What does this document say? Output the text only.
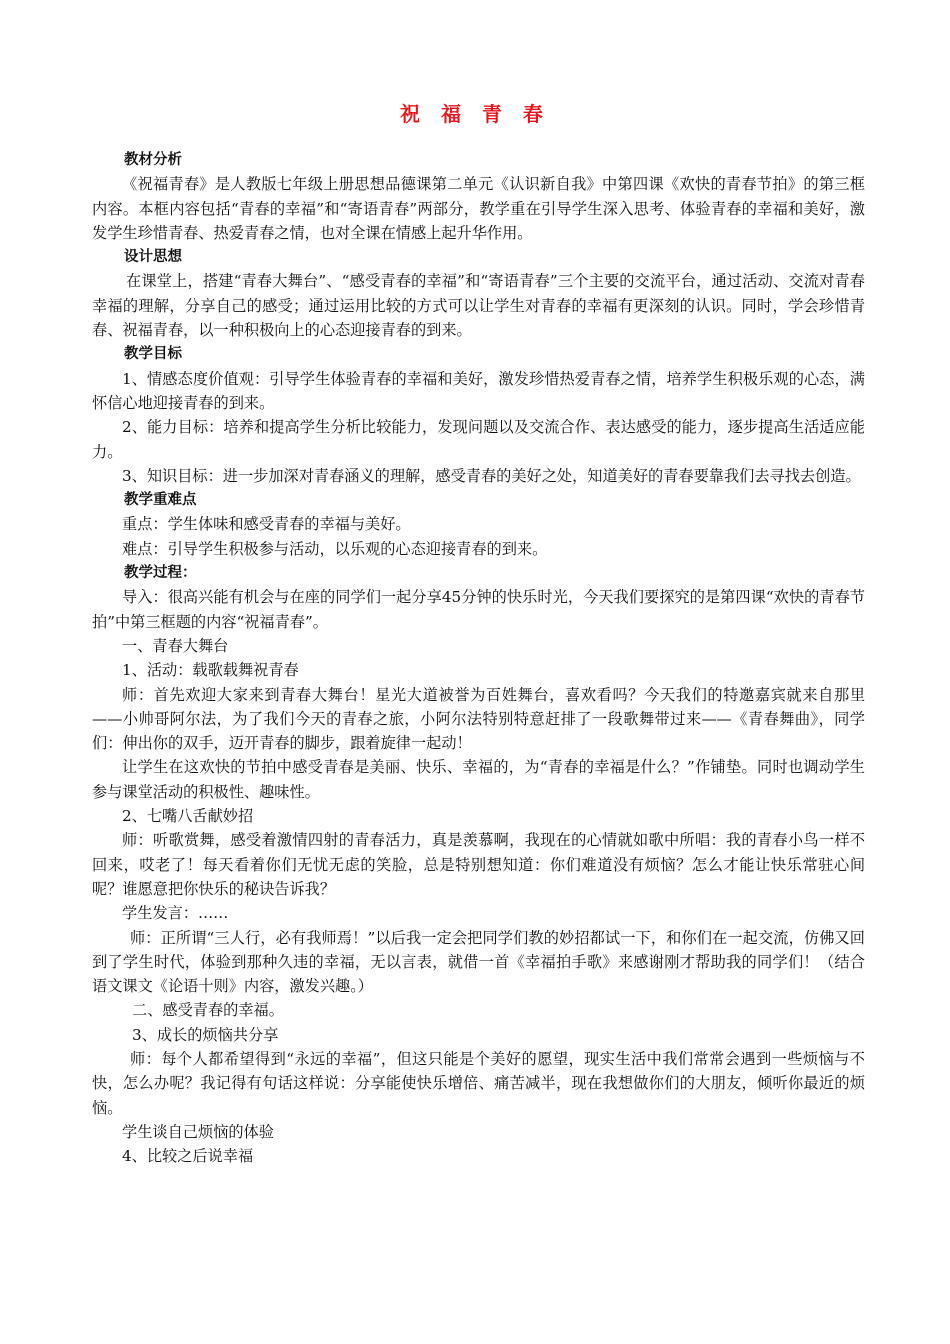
祝 福 青 春

教材分析

《祝福青春》是人教版七年级上册思想品德课第二单元《认识新自我》中第四课《欢快的青春节拍》的第三框内容。本框内容包括“青春的幸福”和“寄语青春”两部分，教学重在引导学生深入思考、体验青春的幸福和美好，激发学生珍惜青春、热爱青春之情，也对全课在情感上起升华作用。

设计思想

在课堂上，搭建“青春大舞台”、“感受青春的幸福”和“寄语青春”三个主要的交流平台，通过活动、交流对青春幸福的理解，分享自己的感受；通过运用比较的方式可以让学生对青春的幸福有更深刻的认识。同时，学会珍惜青春、祝福青春，以一种积极向上的心态迎接青春的到来。

教学目标

1、情感态度价值观：引导学生体验青春的幸福和美好，激发珍惜热爱青春之情，培养学生积极乐观的心态，满怀信心地迎接青春的到来。

2、能力目标：培养和提高学生分析比较能力，发现问题以及交流合作、表达感受的能力，逐步提高生活适应能力。

3、知识目标：进一步加深对青春涵义的理解，感受青春的美好之处，知道美好的青春要靠我们去寻找去创造。

教学重难点

重点：学生体味和感受青春的幸福与美好。

难点：引导学生积极参与活动，以乐观的心态迎接青春的到来。

教学过程：

导入：很高兴能有机会与在座的同学们一起分享45分钟的快乐时光，今天我们要探究的是第四课“欢快的青春节拍”中第三框题的内容“祝福青春”。

一、青春大舞台

1、活动：载歌载舞祝青春

师：首先欢迎大家来到青春大舞台！星光大道被誉为百姓舞台，喜欢看吗？今天我们的特邀嘉宾就来自那里——小帅哥阿尔法，为了我们今天的青春之旅，小阿尔法特别特意赶排了一段歌舞带过来——《青春舞曲》，同学们：伸出你的双手，迈开青春的脚步，跟着旋律一起动！

让学生在这欢快的节拍中感受青春是美丽、快乐、幸福的，为“青春的幸福是什么？”作铺垫。同时也调动学生参与课堂活动的积极性、趣味性。

2、七嘴八舌献妙招

师：听歌赏舞，感受着激情四射的青春活力，真是羡慕啊，我现在的心情就如歌中所唱：我的青春小鸟一样不回来，哎老了！每天看着你们无忧无虑的笑脸，总是特别想知道：你们难道没有烦恼？怎么才能让快乐常驻心间呢？谁愿意把你快乐的秘诀告诉我？

学生发言：……

师：正所谓“三人行，必有我师焉！”以后我一定会把同学们教的妙招都试一下，和你们在一起交流，仿佛又回到了学生时代，体验到那种久违的幸福，无以言表，就借一首《幸福拍手歌》来感谢刚才帮助我的同学们！（结合语文课文《论语十则》内容，激发兴趣。）

二、感受青春的幸福。

3、成长的烦恼共分享

师：每个人都希望得到“永远的幸福”，但这只能是个美好的愿望，现实生活中我们常常会遇到一些烦恼与不快，怎么办呢？我记得有句话这样说：分享能使快乐增倍、痛苦减半，现在我想做你们的大朋友，倾听你最近的烦恼。

学生谈自己烦恼的体验

4、比较之后说幸福
